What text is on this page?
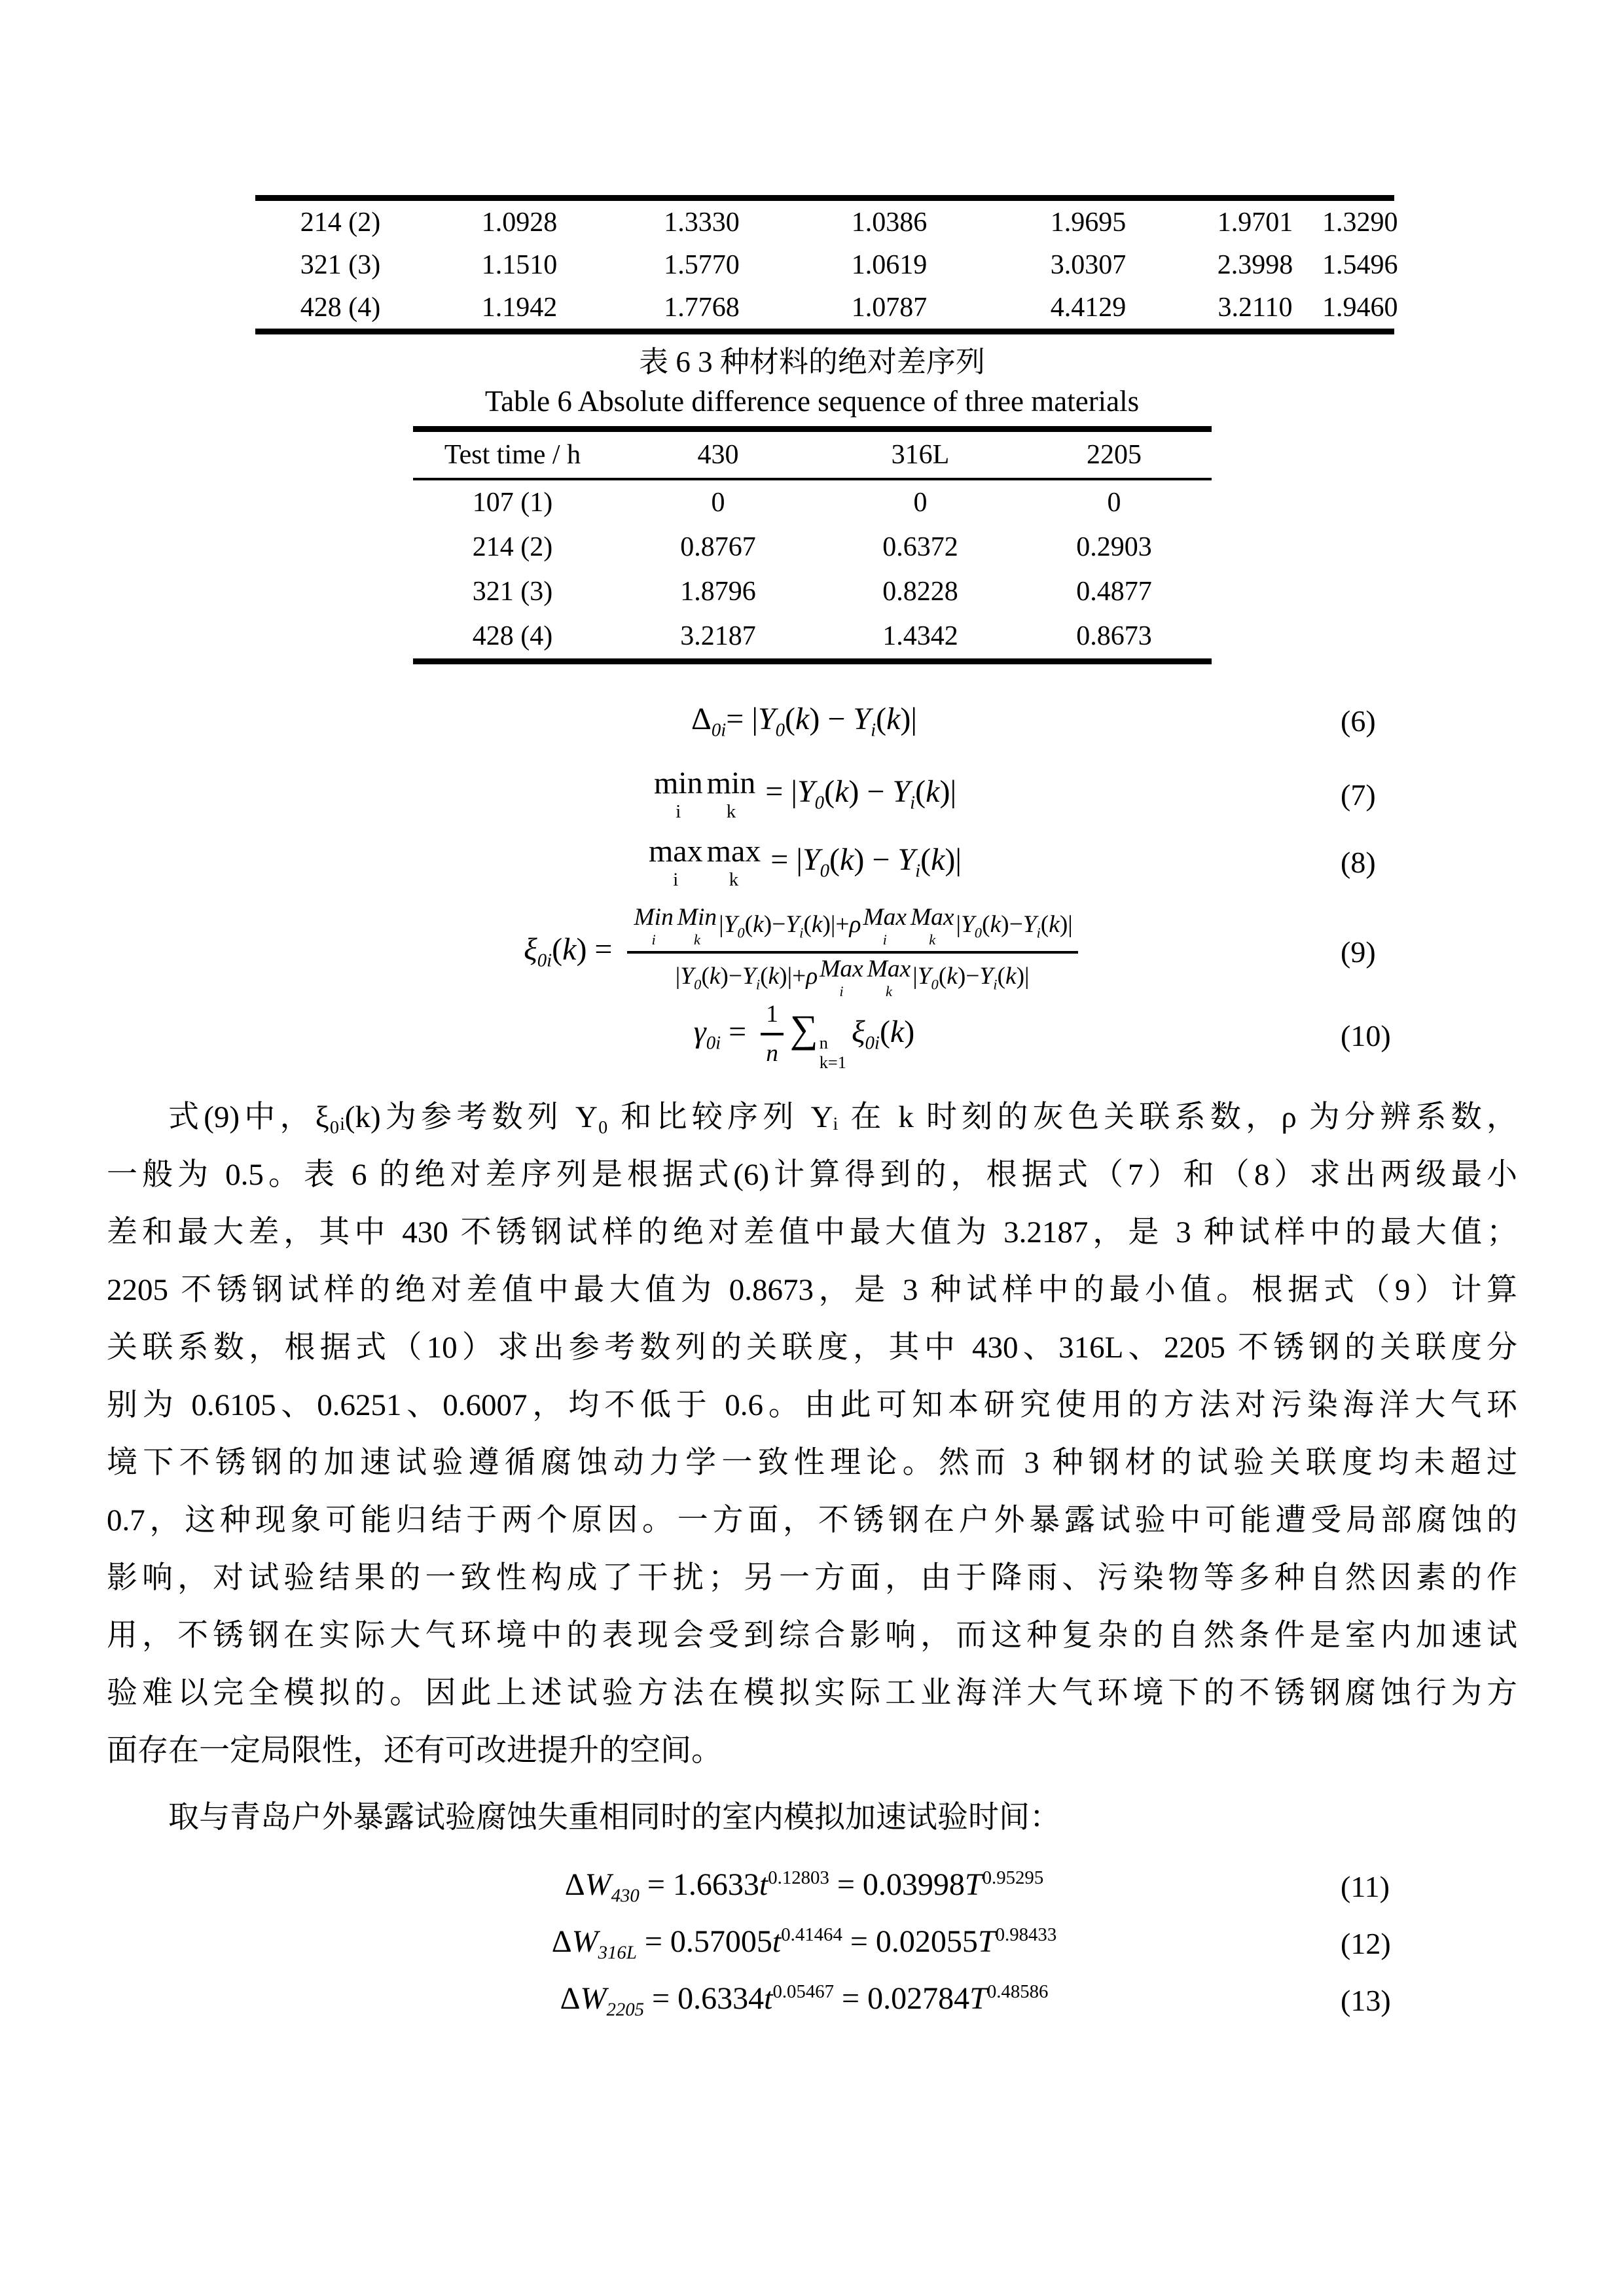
214 (2)	1.0928	1.3330	1.0386	1.9695	1.9701	1.3290
321 (3)	1.1510	1.5770	1.0619	3.0307	2.3998	1.5496
428 (4)	1.1942	1.7768	1.0787	4.4129	3.2110	1.9460
表 6 3 种材料的绝对差序列
Table 6 Absolute difference sequence of three materials
Test time / h	430	316L	2205
107 (1)	0	0	0
214 (2)	0.8767	0.6372	0.2903
321 (3)	1.8796	0.8228	0.4877
428 (4)	3.2187	1.4342	0.8673
$\Delta_{0i}= |Y_0(k) - Y_i(k)|$	(6)
min
i
min
k
= $|Y_0(k) - Y_i(k)|$	(7)
max
i
max
k
= $|Y_0(k) - Y_i(k)|$	(8)
$\xi_{0i}(k)$ =
Min
i
Min
k
$|Y_0(k)-Y_i(k)|+\rho$ Max
i
Max
k
$|Y_0(k)-Y_i(k)|$
$|Y_0(k)-Y_i(k)|+\rho$ Max
i
Max
k
$|Y_0(k)-Y_i(k)|$
(9)
$\gamma_{0i} = \frac{1}{n}$ ∑ n
k=1
$\xi_{0i}(k)$	(10)
式(9)中，ξ₀ᵢ(k)为参考数列 Y₀ 和比较序列 Yᵢ 在 k 时刻的灰色关联系数，ρ 为分辨系数，
一般为 0.5。表 6 的绝对差序列是根据式(6)计算得到的，根据式（7）和（8）求出两级最小
差和最大差，其中 430 不锈钢试样的绝对差值中最大值为 3.2187，是 3 种试样中的最大值；
2205 不锈钢试样的绝对差值中最大值为 0.8673，是 3 种试样中的最小值。根据式（9）计算
关联系数，根据式（10）求出参考数列的关联度，其中 430、316L、2205 不锈钢的关联度分
别为 0.6105、0.6251、0.6007，均不低于 0.6。由此可知本研究使用的方法对污染海洋大气环
境下不锈钢的加速试验遵循腐蚀动力学一致性理论。然而 3 种钢材的试验关联度均未超过
0.7，这种现象可能归结于两个原因。一方面，不锈钢在户外暴露试验中可能遭受局部腐蚀的
影响，对试验结果的一致性构成了干扰；另一方面，由于降雨、污染物等多种自然因素的作
用，不锈钢在实际大气环境中的表现会受到综合影响，而这种复杂的自然条件是室内加速试
验难以完全模拟的。因此上述试验方法在模拟实际工业海洋大气环境下的不锈钢腐蚀行为方
面存在一定局限性，还有可改进提升的空间。
取与青岛户外暴露试验腐蚀失重相同时的室内模拟加速试验时间：
$\Delta W_{430} = 1.6633t^{0.12803} = 0.03998T^{0.95295}$	(11)
$\Delta W_{316L} = 0.57005t^{0.41464} = 0.02055T^{0.98433}$	(12)
$\Delta W_{2205} = 0.6334t^{0.05467} = 0.02784T^{0.48586}$	(13)
